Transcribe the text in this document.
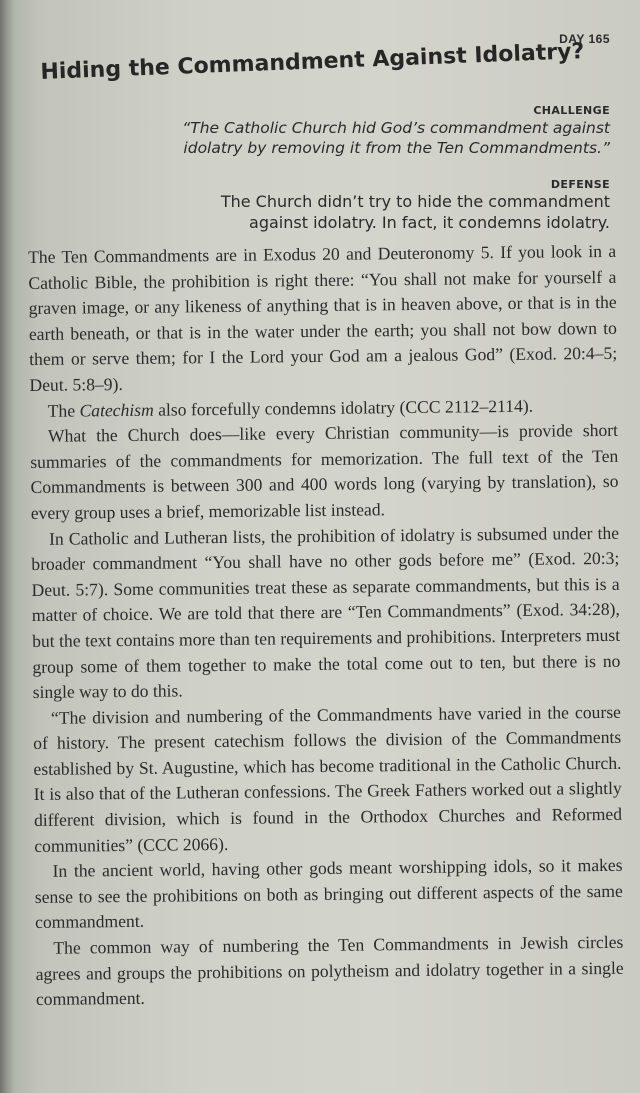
DAY 165
Hiding the Commandment Against Idolatry?
CHALLENGE
“The Catholic Church hid God’s commandment against idolatry by removing it from the Ten Commandments.”
DEFENSE
The Church didn’t try to hide the commandment against idolatry. In fact, it condemns idolatry.

The Ten Commandments are in Exodus 20 and Deuteronomy 5. If you look in a Catholic Bible, the prohibition is right there: “You shall not make for yourself a graven image, or any likeness of anything that is in heaven above, or that is in the earth beneath, or that is in the water under the earth; you shall not bow down to them or serve them; for I the Lord your God am a jealous God” (Exod. 20:4–5; Deut. 5:8–9).

The Catechism also forcefully condemns idolatry (CCC 2112–2114).

What the Church does—like every Christian community—is provide short summaries of the commandments for memorization. The full text of the Ten Commandments is between 300 and 400 words long (varying by translation), so every group uses a brief, memorizable list instead.

In Catholic and Lutheran lists, the prohibition of idolatry is subsumed under the broader commandment “You shall have no other gods before me” (Exod. 20:3; Deut. 5:7). Some communities treat these as separate commandments, but this is a matter of choice. We are told that there are “Ten Commandments” (Exod. 34:28), but the text contains more than ten requirements and prohibitions. Interpreters must group some of them together to make the total come out to ten, but there is no single way to do this.

“The division and numbering of the Commandments have varied in the course of history. The present catechism follows the division of the Commandments established by St. Augustine, which has become traditional in the Catholic Church. It is also that of the Lutheran confessions. The Greek Fathers worked out a slightly different division, which is found in the Orthodox Churches and Reformed communities” (CCC 2066).

In the ancient world, having other gods meant worshipping idols, so it makes sense to see the prohibitions on both as bringing out different aspects of the same commandment.

The common way of numbering the Ten Commandments in Jewish circles agrees and groups the prohibitions on polytheism and idolatry together in a single commandment.
